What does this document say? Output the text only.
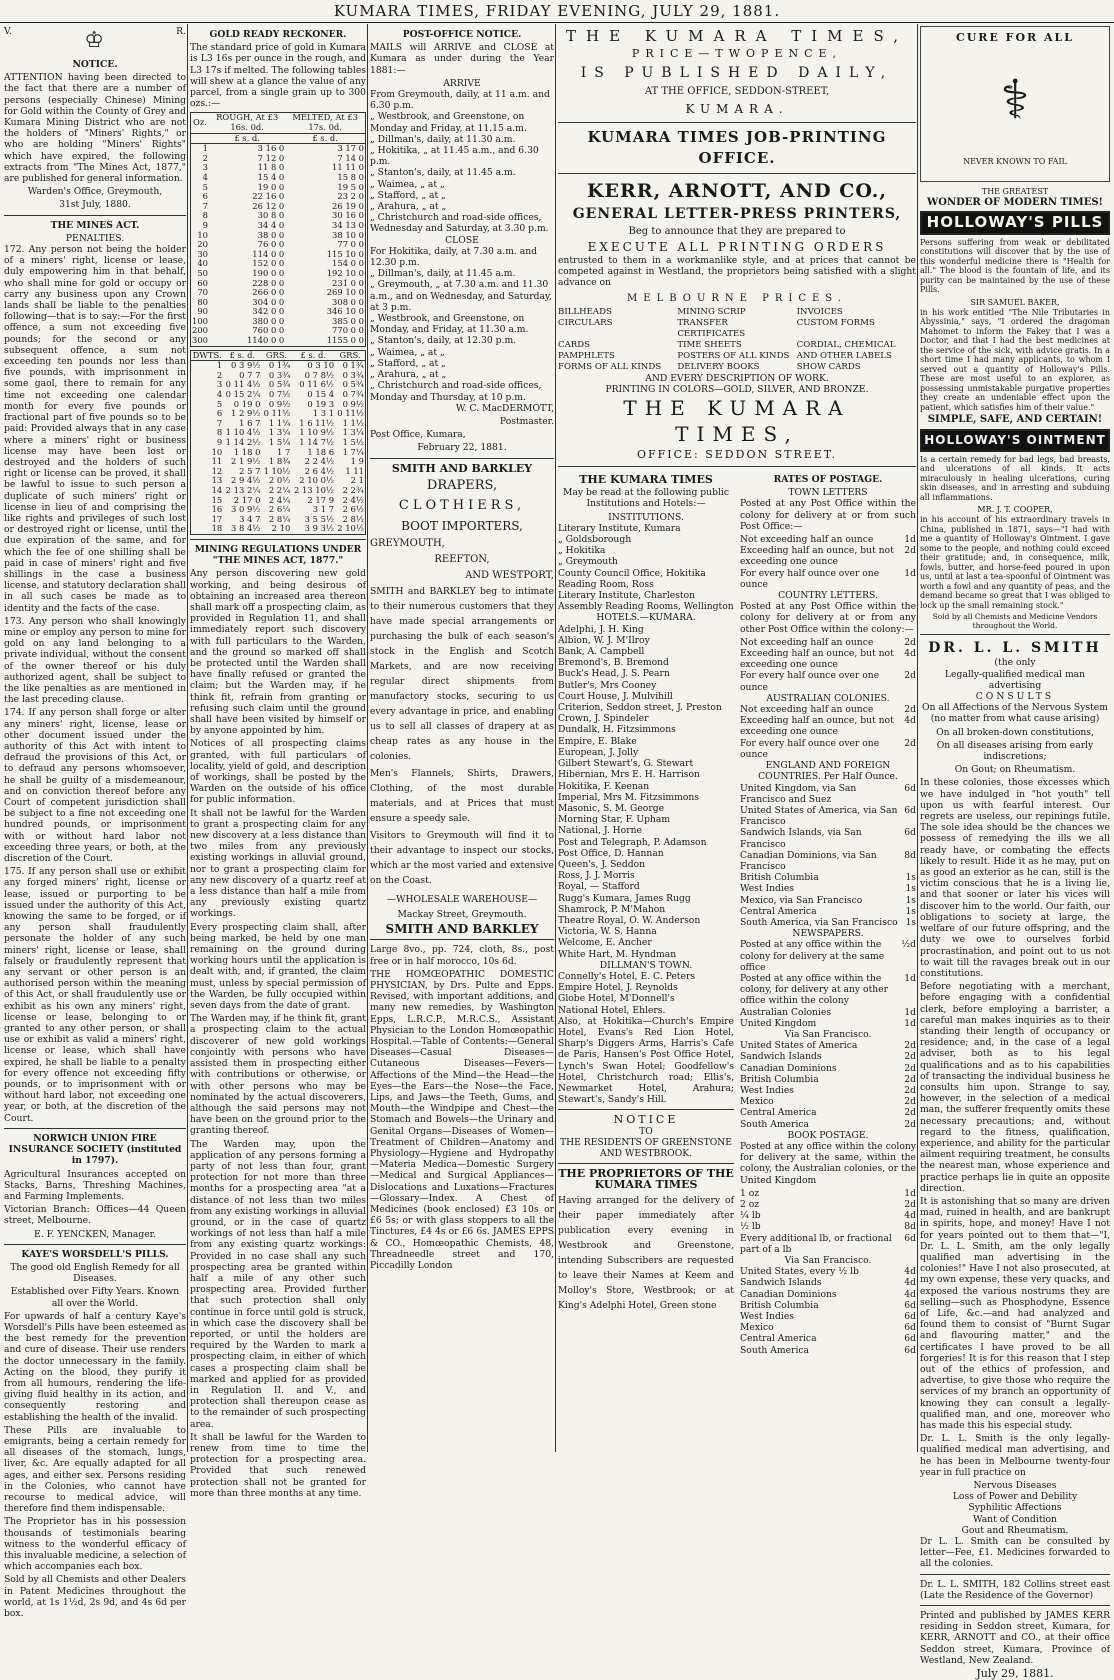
KUMARA TIMES, FRIDAY EVENING, JULY 29, 1881.
V.	♔	R.
NOTICE.

ATTENTION having been directed to the fact that there are a number of persons (especially Chinese) Mining for Gold within the County of Grey and Kumara Mining District who are not the holders of "Miners' Rights," or who are holding "Miners' Rights" which have expired, the following extracts from "The Mines Act, 1877," are published for general information.

Warden's Office, Greymouth,

31st July, 1880.

THE MINES ACT.
PENALTIES.

172. Any person not being the holder of a miners' right, license or lease, duly empowering him in that behalf, who shall mine for gold or occupy or carry any business upon any Crown lands shall be liable to the penalties following—that is to say:—For the first offence, a sum not exceeding five pounds; for the second or any subsequent offence, a sum not exceeding ten pounds nor less than five pounds, with imprisonment in some gaol, there to remain for any time not exceeding one calendar month for every five pounds or fractional part of five pounds so to be paid: Provided always that in any case where a miners' right or business license may have been lost or destroyed and the holders of such right or license can be proved, it shall be lawful to issue to such person a duplicate of such miners' right or license in lieu of and comprising the like rights and privileges of such lost or destroyed right or license, until the due expiration of the same, and for which the fee of one shilling shall be paid in case of miners' right and five shillings in the case a business license, and statutory declaration shall in all such cases be made as to identity and the facts of the case.

173. Any person who shall knowingly mine or employ any person to mine for gold on any land belonging to a private individual, without the consent of the owner thereof or his duly authorized agent, shall be subject to the like penalties as are mentioned in the last preceding clause.

174. If any person shall forge or alter any miners' right, license, lease or other document issued under the authority of this Act with intent to defraud the provisions of this Act, or to defraud any persons whomsoever, he shall be guilty of a misdemeanour, and on conviction thereof before any Court of competent jurisdiction shall be subject to a fine not exceeding one hundred pounds, or imprisonment with or without hard labor not exceeding three years, or both, at the discretion of the Court.

175. If any person shall use or exhibit any forged miners' right, license or lease, issued or purporting to be issued under the authority of this Act, knowing the same to be forged, or if any person shall fraudulently personate the holder of any such miners' right, license or lease, shall falsely or fraudulently represent that any servant or other person is an authorised person within the meaning of this Act, or shall fraudulently use or exhibit as his own any miners' right, license or lease, belonging to or granted to any other person, or shall use or exhibit as valid a miners' right, license or lease, which shall have expired, he shall be liable to a penalty for every offence not exceeding fifty pounds, or to imprisonment with or without hard labor, not exceeding one year, or both, at the discretion of the Court.

NORWICH UNION FIRE INSURANCE SOCIETY (instituted in 1797).

Agricultural Insurances accepted on Stacks, Barns, Threshing Machines, and Farming Implements.

Victorian Branch: Offices—44 Queen street, Melbourne.

E. F. YENCKEN, Manager.

KAYE'S WORSDELL'S PILLS.

The good old English Remedy for all Diseases.

Established over Fifty Years. Known all over the World.

For upwards of half a century Kaye's Worsdell's Pills have been esteemed as the best remedy for the prevention and cure of disease. Their use renders the doctor unnecessary in the family. Acting on the blood, they purify it from all humours, rendering the life-giving fluid healthy in its action, and consequently restoring and establishing the health of the invalid.

These Pills are invaluable to emigrants, being a certain remedy for all diseases of the stomach, lungs, liver, &c. Are equally adapted for all ages, and either sex. Persons residing in the Colonies, who cannot have recourse to medical advice, will therefore find them indispensable.

The Proprietor has in his possession thousands of testimonials bearing witness to the wonderful efficacy of this invaluable medicine, a selection of which accompanies each box.

Sold by all Chemists and other Dealers in Patent Medicines throughout the world, at 1s 1½d, 2s 9d, and 4s 6d per box.

GOLD READY RECKONER.

The standard price of gold in Kumara is L3 16s per ounce in the rough, and L3 17s if melted. The following tables will shew at a glance the value of any parcel, from a single grain up to 300 ozs.:—

Oz.	ROUGH, At £3 16s. 0d.	MELTED, At £3 17s. 0d.
	£ s. d.	£ s. d.
1	3 16 0	3 17 0
2	7 12 0	7 14 0
3	11 8 0	11 11 0
4	15 4 0	15 8 0
5	19 0 0	19 5 0
6	22 16 0	23 2 0
7	26 12 0	26 19 0
8	30 8 0	30 16 0
9	34 4 0	34 13 0
10	38 0 0	38 10 0
20	76 0 0	77 0 0
30	114 0 0	115 10 0
40	152 0 0	154 0 0
50	190 0 0	192 10 0
60	228 0 0	231 0 0
70	266 0 0	269 10 0
80	304 0 0	308 0 0
90	342 0 0	346 10 0
100	380 0 0	385 0 0
200	760 0 0	770 0 0
300	1140 0 0	1155 0 0
DWTS.	£ s. d.	GRS.	£ s. d.	GRS.
1	0 3 9½	0 1¾	0 3 10	0 1¾
2	0 7 7	0 3¾	0 7 8½	0 3¾
3	0 11 4½	0 5¾	0 11 6½	0 5¾
4	0 15 2¼	0 7½	0 15 4	0 7¾
5	0 19 0	0 9½	0 19 3	0 9½
6	1 2 9½	0 11½	1 3 1	0 11½
7	1 6 7	1 1¼	1 6 11½	1 1½
8	1 10 4½	1 3¼	1 10 9½	1 3¼
9	1 14 2½	1 5¼	1 14 7½	1 5½
10	1 18 0	1 7	1 18 6	1 7¼
11	2 1 9½	1 8¾	2 2 4½	1 9
12	2 5 7	1 10½	2 6 4½	1 11
13	2 9 4½	2 0½	2 10 0½	2 1
14	2 13 2¼	2 2¼	2 13 10½	2 2¾
15	2 17 0	2 4¼	2 17 9	2 4½
16	3 0 9½	2 6¼	3 1 7	2 6½
17	3 4 7	2 8¼	3 5 5½	2 8½
18	3 8 4½	2 10	3 9 3½	2 10½
MINING REGULATIONS UNDER "THE MINES ACT, 1877."

Any person discovering new gold working, and being desirous of obtaining an increased area thereon shall mark off a prospecting claim, as provided in Regulation 11, and shall immediately report such discovery with full particulars to the Warden, and the ground so marked off shall be protected until the Warden shall have finally refused or granted the claim; but the Warden may, if he think fit, refrain from granting or refusing such claim until the ground shall have been visited by himself or by anyone appointed by him.

Notices of all prospecting claims granted, with full particulars of locality, yield of gold, and description of workings, shall be posted by the Warden on the outside of his office for public information.

It shall not be lawful for the Warden to grant a prospecting claim for any new discovery at a less distance than two miles from any previously existing workings in alluvial ground, nor to grant a prospecting claim for any new discovery of a quartz reef at a less distance than half a mile from any previously existing quartz workings.

Every prospecting claim shall, after being marked, be held by one man remaining on the ground during working hours until the application is dealt with, and, if granted, the claim must, unless by special permission of the Warden, be fully occupied within seven days from the date of grant.

The Warden may, if he think fit, grant a prospecting claim to the actual discoverer of new gold workings conjointly with persons who have assisted them in prospecting either with contributions or otherwise, or with other persons who may be nominated by the actual discoverers, although the said persons may not have been on the ground prior to the granting thereof.

The Warden may, upon the application of any persons forming a party of not less than four, grant protection for not more than three months for a prospecting area "at a distance of not less than two miles from any existing workings in alluvial ground, or in the case of quartz workings of not less than half a mile from any existing quartz workings: Provided in no case shall any such prospecting area be granted within half a mile of any other such prospecting area. Provided further that such protection shall only continue in force until gold is struck, in which case the discovery shall be reported, or until the holders are required by the Warden to mark a prospecting claim, in either of which cases a prospecting claim shall be marked and applied for as provided in Regulation II. and V., and protection shall thereupon cease as to the remainder of such prospecting area.

It shall be lawful for the Warden to renew from time to time the protection for a prospecting area. Provided that such renewed protection shall not be granted for more than three months at any time.

POST-OFFICE NOTICE.

MAILS will ARRIVE and CLOSE at Kumara as under during the Year 1881:—

ARRIVE
From Greymouth, daily, at 11 a.m. and 6.30 p.m.
„ Westbrook, and Greenstone, on Monday and Friday, at 11.15 a.m.
„ Dillman's, daily, at 11.30 a.m.
„ Hokitika, „ at 11.45 a.m., and 6.30 p.m.
„ Stanton's, daily, at 11.45 a.m.
„ Waimea, „ at „
„ Stafford, „ at „
„ Arahura, „ at „
„ Christchurch and road-side offices, Wednesday and Saturday, at 3.30 p.m.
CLOSE
For Hokitika, daily, at 7.30 a.m. and 12.30 p.m.
„ Dillman's, daily, at 11.45 a.m.
„ Greymouth, „ at 7.30 a.m. and 11.30 a.m., and on Wednesday, and Saturday, at 3 p.m.
„ Westbrook, and Greenstone, on Monday, and Friday, at 11.30 a.m.
„ Stanton's, daily, at 12.30 p.m.
„ Waimea, „ at „
„ Stafford, „ at „
„ Arahura, „ at „
„ Christchurch and road-side offices, Monday and Thursday, at 10 p.m.

W. C. MacDERMOTT,

Postmaster.

Post Office, Kumara,

February 22, 1881.

SMITH AND BARKLEY
DRAPERS,
CLOTHIERS,
BOOT IMPORTERS,
GREYMOUTH,
REEFTON,
AND WESTPORT,

SMITH and BARKLEY beg to intimate to their numerous customers that they have made special arrangements or purchasing the bulk of each season's stock in the English and Scotch Markets, and are now receiving regular direct shipments from manufactory stocks, securing to us every advantage in price, and enabling us to sell all classes of drapery at as cheap rates as any house in the colonies.

Men's Flannels, Shirts, Drawers, Clothing, of the most durable materials, and at Prices that must ensure a speedy sale.

Visitors to Greymouth will find it to their advantage to inspect our stocks, which ar the most varied and extensive on the Coast.

—WHOLESALE WAREHOUSE—
Mackay Street, Greymouth.
SMITH AND BARKLEY

Large 8vo., pp. 724, cloth, 8s., post free or in half morocco, 10s 6d.

THE HOMŒOPATHIC DOMESTIC PHYSICIAN, by Drs. Pulte and Epps. Revised, with important additions, and many new remedies, by Washington Epps, L.R.C.P., M.R.C.S., Assistant Physician to the London Homœopathic Hospital.—Table of Contents:—General Diseases—Casual Diseases—Cutaneous Diseases—Fevers—Affections of the Mind—the Head—the Eyes—the Ears—the Nose—the Face, Lips, and Jaws—the Teeth, Gums, and Mouth—the Windpipe and Chest—the Stomach and Bowels—the Urinary and Genital Organs—Diseases of Women—Treatment of Children—Anatomy and Physiology—Hygiene and Hydropathy—Materia Medica—Domestic Surgery—Medical and Surgical Appliances—Dislocations and Luxations—Fractures—Glossary—Index. A Chest of Medicines (book enclosed) £3 10s or £6 5s; or with glass stoppers to all the Tinctures, £4 4s or £6 6s. JAMES EPPS & CO., Homœopathic Chemists, 48, Threadneedle street and 170, Piccadilly London

THE KUMARA TIMES,
PRICE—TWOPENCE,
IS PUBLISHED DAILY,
AT THE OFFICE, SEDDON-STREET,
KUMARA.
KUMARA TIMES JOB-PRINTING OFFICE.
KERR, ARNOTT, AND CO.,
GENERAL LETTER-PRESS PRINTERS,
Beg to announce that they are prepared to
EXECUTE ALL PRINTING ORDERS

entrusted to them in a workmanlike style, and at prices that cannot be competed against in Westland, the proprietors being satisfied with a slight advance on

MELBOURNE PRICES.
BILLHEADS	MINING SCRIP	INVOICES
CIRCULARS	TRANSFER CERTIFICATES
CUSTOM FORMS
CARDS	TIME SHEETS	CORDIAL, CHEMICAL
PAMPHLETS	POSTERS OF ALL KINDS AND OTHER LABELS
FORMS OF ALL KINDS	DELIVERY BOOKS	SHOW CARDS
AND EVERY DESCRIPTION OF WORK.
PRINTING IN COLORS—GOLD, SILVER, AND BRONZE.
THE KUMARA TIMES,
OFFICE: SEDDON STREET.
THE KUMARA TIMES

May be read at the following public Institutions and Hotels:—

INSTITUTIONS.
Literary Institute, Kumara
„ Goldsborough
„ Hokitika
„ Greymouth
County Council Office, Hokitika
Reading Room, Ross
Literary Institute, Charleston
Assembly Reading Rooms, Wellington
HOTELS.—KUMARA.
Adelphi, J. H. King
Albion, W. J. M'Ilroy
Bank, A. Campbell
Bremond's, B. Bremond
Buck's Head, J. S. Pearn
Butler's, Mrs Cooney
Court House, J. Mulvihill
Criterion, Seddon street, J. Preston
Crown, J. Spindeler
Dundalk, H. Fitzsimmons
Empire, E. Blake
European, J. Jolly
Gilbert Stewart's, G. Stewart
Hibernian, Mrs E. H. Harrison
Hokitika, F. Keenan
Imperial, Mrs M. Fitzsimmons
Masonic, S. M. George
Morning Star, F. Upham
National, J. Horne
Post and Telegraph, P. Adamson
Post Office, D. Hannan
Queen's, J. Seddon
Ross, J. J. Morris
Royal, — Stafford
Rugg's Kumara, James Rugg
Shamrock, P. M'Mahon
Theatre Royal, O. W. Anderson
Victoria, W. S. Hanna
Welcome, E. Ancher
White Hart, M. Hyndman
DILLMAN'S TOWN.
Connelly's Hotel, E. C. Peters
Empire Hotel, J. Reynolds
Globe Hotel, M'Donnell's
National Hotel, Ehlers.

Also, at Hokitika—Church's Empire Hotel, Evans's Red Lion Hotel, Sharp's Diggers Arms, Harris's Cafe de Paris, Hansen's Post Office Hotel, Lynch's Swan Hotel; Goodfellow's Hotel, Christchurch road; Ellis's, Newmarket Hotel, Arahura; Stewart's, Sandy's Hill.

NOTICE
TO
THE RESIDENTS OF GREENSTONE
AND WESTBROOK.
THE PROPRIETORS OF THE KUMARA TIMES

Having arranged for the delivery of their paper immediately after publication every evening in Westbrook and Greenstone, intending Subscribers are requested to leave their Names at Keem and Molloy's Store, Westbrook; or at King's Adelphi Hotel, Green stone

RATES OF POSTAGE.
TOWN LETTERS

Posted at any Post Office within the colony for delivery at or from such Post Office:—

Not exceeding half an ounce	1d
Exceeding half an ounce, but not exceeding one ounce
2d
For every half ounce over one ounce
1d
COUNTRY LETTERS.

Posted at any Post Office within the colony for delivery at or from any other Post Office within the colony:—

Not exceeding half an ounce	2d
Exceeding half an ounce, but not exceeding one ounce
4d
For every half ounce over one ounce
2d
AUSTRALIAN COLONIES.
Not exceeding half an ounce	2d
Exceeding half an ounce, but not exceeding one ounce
4d
For every half ounce over one ounce
2d
ENGLAND AND FOREIGN COUNTRIES. Per Half Ounce.
United Kingdom, via San Francisco and Suez
6d
United States of America, via San Francisco
6d
Sandwich Islands, via San Francisco
6d
Canadian Dominions, via San Francisco
8d
British Columbia	1s
West Indies	1s
Mexico, via San Francisco	1s
Central America	1s
South America, via San Francisco 1s
NEWSPAPERS.
Posted at any office within the colony for delivery at the same office
½d
Posted at any office within the colony, for delivery at any other office within the colony
1d
Australian Colonies	1d
United Kingdom	1d
Via San Francisco.
United States of America	2d
Sandwich Islands	2d
Canadian Dominions	2d
British Columbia	2d
West Indies	2d
Mexico	2d
Central America	2d
South America	2d
BOOK POSTAGE.

Posted at any office within the colony for delivery at the same, within the colony, the Australian colonies, or the United Kingdom

1 oz	1d
2 oz	2d
¼ lb	4d
½ lb	8d
Every additional lb, or fractional part of a lb
6d
Via San Francisco.
United States, every ½ lb	4d
Sandwich Islands	4d
Canadian Dominions	4d
British Columbia	6d
West Indies	6d
Mexico	6d
Central America	6d
South America	6d
CURE FOR ALL
⚕
NEVER KNOWN TO FAIL
THE GREATEST
WONDER OF MODERN TIMES!
HOLLOWAY'S PILLS

Persons suffering from weak or debilitated constitutions will discover that by the use of this wonderful medicine there is "Health for all." The blood is the fountain of life, and its purity can be maintained by the use of these Pills.

SIR SAMUEL BAKER,

in his work entitled "The Nile Tributaries in Abyssinia," says, "I ordered the dragoman Mahomet to inform the Fakey that I was a Doctor, and that I had the best medicines at the service of the sick, with advice gratis. In a short time I had many applicants, to whom I served out a quantity of Holloway's Pills. These are most useful to an explorer, as possessing unmistakable purgative properties they create an undeniable effect upon the patient, which satisfies him of their value."

SIMPLE, SAFE, AND CERTAIN!
HOLLOWAY'S OINTMENT

Is a certain remedy for bad legs, bad breasts, and ulcerations of all kinds. It acts miraculously in healing ulcerations, curing skin diseases, and in arresting and subduing all inflammations.

MR. J. T. COOPER,

in his account of his extraordinary travels in China, published in 1871, says—"I had with me a quantity of Holloway's Ointment. I gave some to the people, and nothing could exceed their gratitude; and, in consequence, milk, fowls, butter, and horse-feed poured in upon us, until at last a tea-spoonful of Ointment was worth a fowl and any quantity of peas, and the demand became so great that I was obliged to lock up the small remaining stock."

Sold by all Chemists and Medicine Vendors throughout the World.

DR. L. L. SMITH
(the only
Legally-qualified medical man advertising
CONSULTS

On all Affections of the Nervous System (no matter from what cause arising)

On all broken-down constitutions,

On all diseases arising from early indiscretions;

On Gout; on Rheumatism.

In these colonies, those excesses which we have indulged in "hot youth" tell upon us with fearful interest. Our regrets are useless, our repinings futile. The sole idea should be the chances we possess of remedying the ills we all ready have, or combating the effects likely to result. Hide it as he may, put on as good an exterior as he can, still is the victim conscious that he is a living lie, and that sooner or later his vices will discover him to the world. Our faith, our obligations to society at large, the welfare of our future offspring, and the duty we owe to ourselves forbid procrastination, and point out to us not to wait till the ravages break out in our constitutions.

Before negotiating with a merchant, before engaging with a confidential clerk, before employing a barrister, a careful man makes inquiries as to their standing their length of occupancy or residence; and, in the case of a legal adviser, both as to his legal qualifications and as to his capabilities of transacting the individual business he consults him upon. Strange to say, however, in the selection of a medical man, the sufferer frequently omits these necessary precautions; and, without regard to the fitness, qualification, experience, and ability for the particular ailment requiring treatment, he consults the nearest man, whose experience and practice perhaps lie in quite an opposite direction.

It is astonishing that so many are driven mad, ruined in health, and are bankrupt in spirits, hope, and money! Have I not for years pointed out to them that—"I, Dr. L. L. Smith, am the only legally qualified man advertising in the colonies!" Have I not also prosecuted, at my own expense, these very quacks, and exposed the various nostrums they are selling—such as Phosphodyne, Essence of Life, &c.—and had analyzed and found them to consist of "Burnt Sugar and flavouring matter," and the certificates I have proved to be all forgeries! It is for this reason that I step out of the ethics of profession, and advertise, to give those who require the services of my branch an opportunity of knowing they can consult a legally-qualified man, and one, moreover who has made this his especial study.

Dr. L. L. Smith is the only legally-qualified medical man advertising, and he has been in Melbourne twenty-four year in full practice on

Nervous Diseases
Loss of Power and Debility
Syphilitic Affections
Want of Condition
Gout and Rheumatism.

Dr L. L. Smith can be consulted by letter—Fee, £1. Medicines forwarded to all the colonies.

Dr. L. L. SMITH, 182 Collins street east (Late the Residence of the Governor)

Printed and published by JAMES KERR residing in Seddon street, Kumara, for KERR, ARNOTT and CO., at their office Seddon street, Kumara, Province of Westland, New Zealand.

July 29, 1881.
